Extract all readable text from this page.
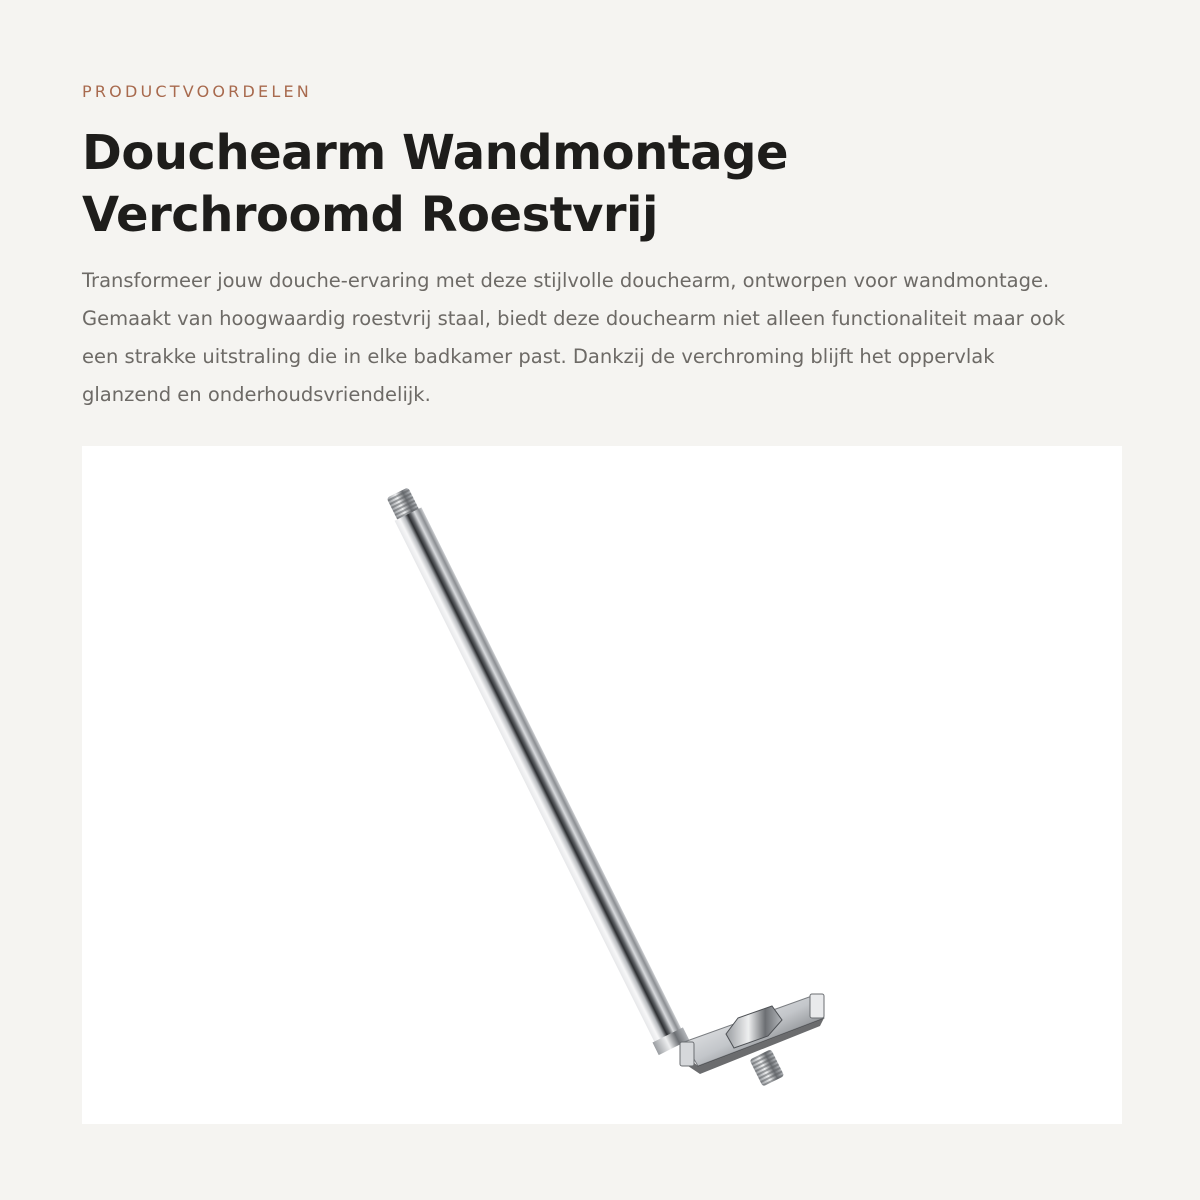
PRODUCTVOORDELEN
Douchearm Wandmontage
Verchroomd Roestvrij

Transformeer jouw douche-ervaring met deze stijlvolle douchearm, ontworpen voor wandmontage. Gemaakt van hoogwaardig roestvrij staal, biedt deze douchearm niet alleen functionaliteit maar ook een strakke uitstraling die in elke badkamer past. Dankzij de verchroming blijft het oppervlak glanzend en onderhoudsvriendelijk.
